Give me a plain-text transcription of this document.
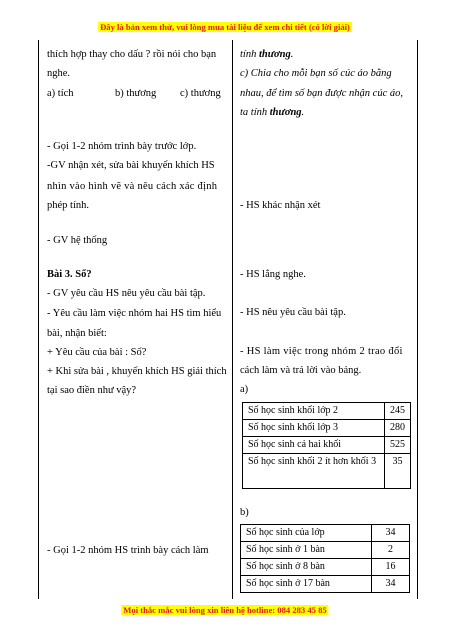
Đây là bản xem thử, vui lòng mua tài liệu để xem chi tiết (có lời giải)
thích hợp thay cho dấu ? rồi nói cho bạn
nghe.
a) tích	b) thương c) thương
- Gọi 1-2 nhóm trình bày trước lớp.
-GV nhận xét, sửa bài khuyến khích HS
nhìn vào hình vẽ và nêu cách xác định
phép tính.
- GV hệ thống
Bài 3. Số?
- GV yêu cầu HS nêu yêu cầu bài tập.
- Yêu cầu làm việc nhóm hai HS tìm hiểu
bài, nhận biết:
+ Yêu cầu của bài : Số?
+ Khi sửa bài , khuyến khích HS giải thích
tại sao điền như vậy?
- Gọi 1-2 nhóm HS trình bày cách làm
tính thương.
c) Chia cho mỗi bạn số cúc áo bằng
nhau, để tìm số bạn được nhận cúc áo,
ta tính thương.
- HS khác nhận xét
- HS lắng nghe.
- HS nêu yêu cầu bài tập.
- HS làm việc trong nhóm 2 trao đổi
cách làm và trả lời vào bảng.
a)
Số học sinh khối lớp 2	245
Số học sinh khối lớp 3	280
Số học sinh cả hai khối	525
Số học sinh khối 2 ít hơn khối 3	35
b)
Số học sinh của lớp	34
Số học sinh ở 1 bàn	2
Số học sinh ở 8 bàn	16
Số học sinh ở 17 bàn	34
Mọi thắc mắc vui lòng xin liên hệ hotline: 084 283 45 85
